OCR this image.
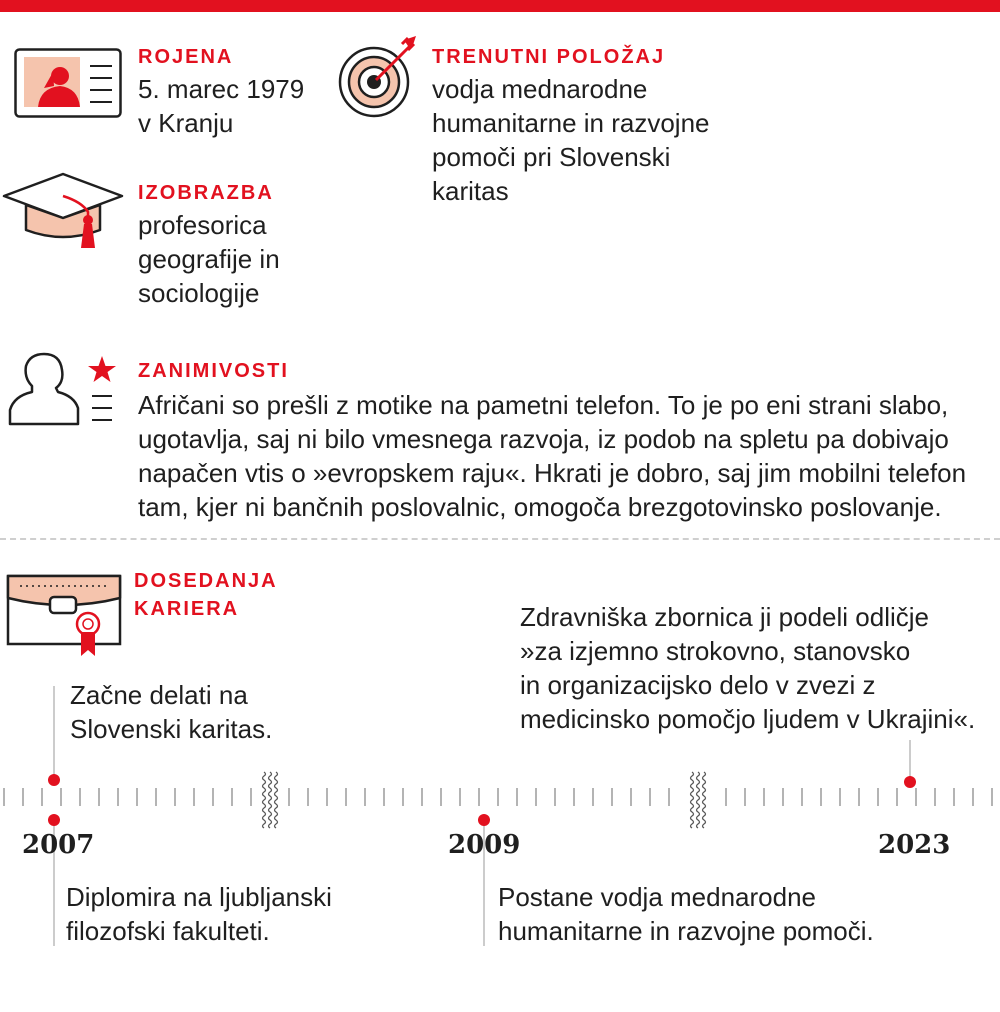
ROJENA
5. marec 1979
v Kranju
TRENUTNI POLOŽAJ
vodja mednarodne
humanitarne in razvojne
pomoči pri Slovenski
karitas
IZOBRAZBA
profesorica
geografije in
sociologije
ZANIMIVOSTI
Afričani so prešli z motike na pametni telefon. To je po eni strani slabo,
ugotavlja, saj ni bilo vmesnega razvoja, iz podob na spletu pa dobivajo
napačen vtis o »evropskem raju«. Hkrati je dobro, saj jim mobilni telefon
tam, kjer ni bančnih poslovalnic, omogoča brezgotovinsko poslovanje.
DOSEDANJA
KARIERA
2007	2009	2023
Začne delati na
Slovenski karitas.
Zdravniška zbornica ji podeli odličje
»za izjemno strokovno, stanovsko
in organizacijsko delo v zvezi z
medicinsko pomočjo ljudem v Ukrajini«.
Diplomira na ljubljanski
filozofski fakulteti.
Postane vodja mednarodne
humanitarne in razvojne pomoči.
